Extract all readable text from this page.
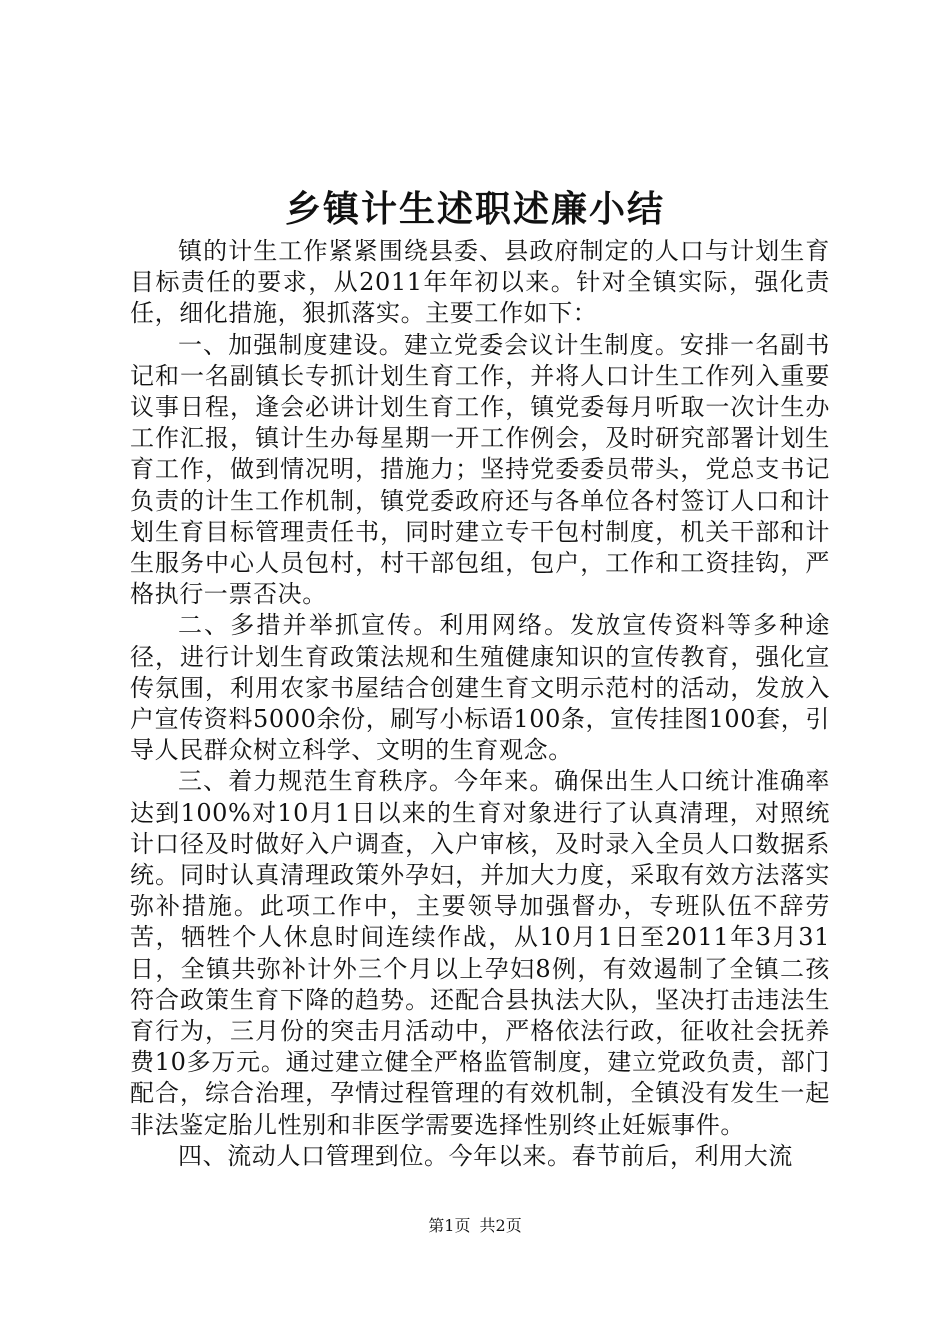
乡镇计生述职述廉小结

镇的计生工作紧紧围绕县委、县政府制定的人口与计划生育目标责任的要求，从2011年年初以来。针对全镇实际，强化责任，细化措施，狠抓落实。主要工作如下：

一、加强制度建设。建立党委会议计生制度。安排一名副书记和一名副镇长专抓计划生育工作，并将人口计生工作列入重要议事日程，逢会必讲计划生育工作，镇党委每月听取一次计生办工作汇报，镇计生办每星期一开工作例会，及时研究部署计划生育工作，做到情况明，措施力；坚持党委委员带头，党总支书记负责的计生工作机制，镇党委政府还与各单位各村签订人口和计划生育目标管理责任书，同时建立专干包村制度，机关干部和计生服务中心人员包村，村干部包组，包户，工作和工资挂钩，严格执行一票否决。

二、多措并举抓宣传。利用网络。发放宣传资料等多种途径，进行计划生育政策法规和生殖健康知识的宣传教育，强化宣传氛围，利用农家书屋结合创建生育文明示范村的活动，发放入户宣传资料5000余份，刷写小标语100条，宣传挂图100套，引导人民群众树立科学、文明的生育观念。

三、着力规范生育秩序。今年来。确保出生人口统计准确率达到100%对10月1日以来的生育对象进行了认真清理，对照统计口径及时做好入户调查，入户审核，及时录入全员人口数据系统。同时认真清理政策外孕妇，并加大力度，采取有效方法落实弥补措施。此项工作中，主要领导加强督办，专班队伍不辞劳苦，牺牲个人休息时间连续作战，从10月1日至2011年3月31日，全镇共弥补计外三个月以上孕妇8例，有效遏制了全镇二孩符合政策生育下降的趋势。还配合县执法大队，坚决打击违法生育行为，三月份的突击月活动中，严格依法行政，征收社会抚养费10多万元。通过建立健全严格监管制度，建立党政负责，部门配合，综合治理，孕情过程管理的有效机制，全镇没有发生一起非法鉴定胎儿性别和非医学需要选择性别终止妊娠事件。

四、流动人口管理到位。今年以来。春节前后，利用大流

第1页 共2页
